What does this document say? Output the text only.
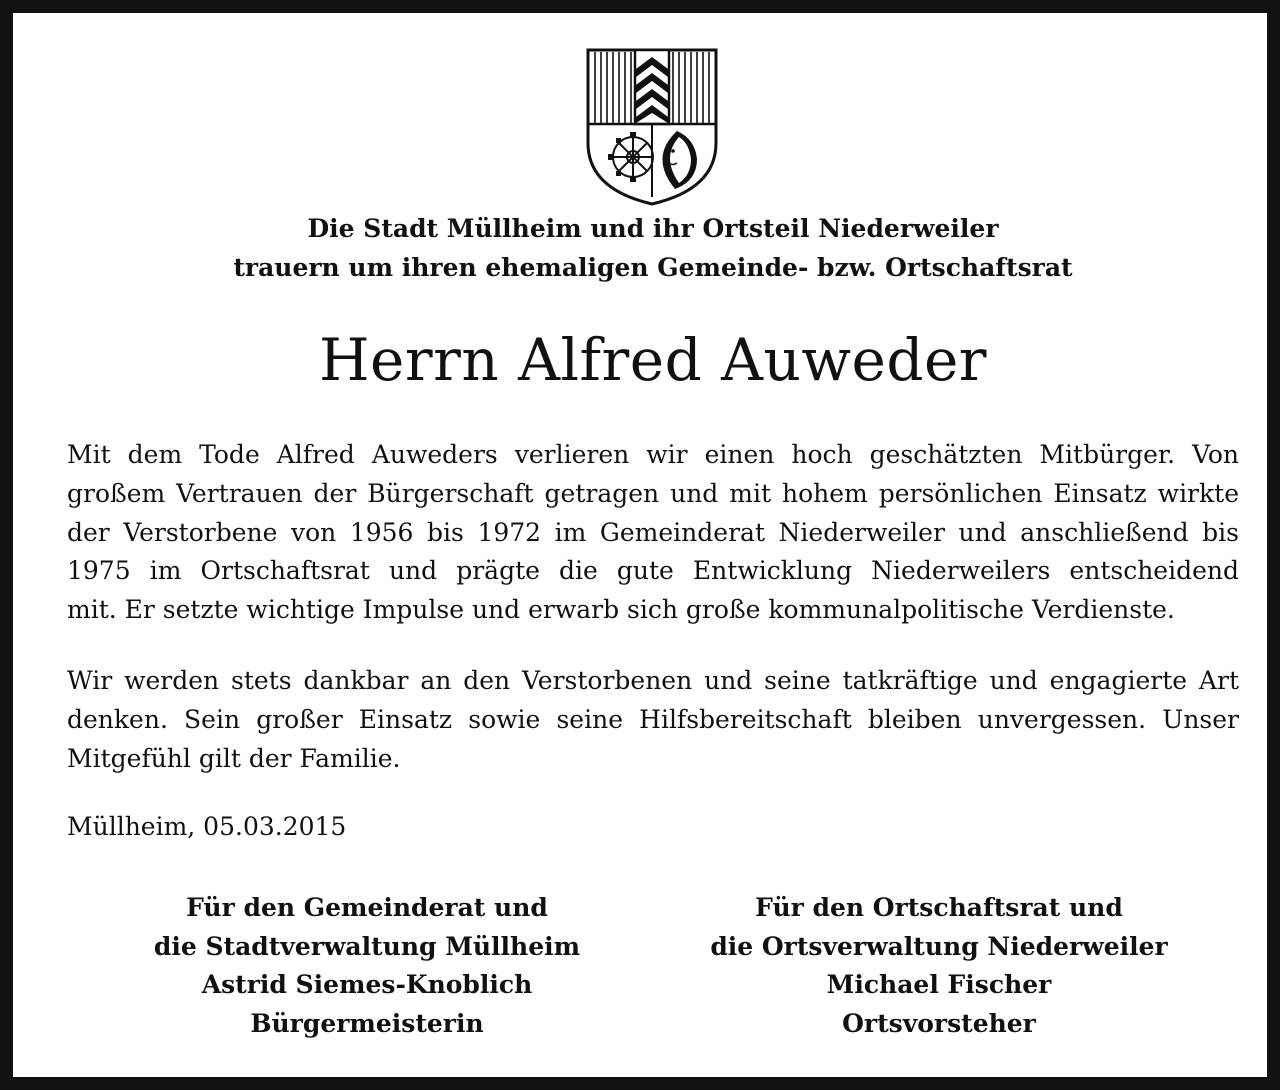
Die Stadt Müllheim und ihr Ortsteil Niederweiler
trauern um ihren ehemaligen Gemeinde- bzw. Ortschaftsrat
Herrn Alfred Auweder
Mit dem Tode Alfred Auweders verlieren wir einen hoch geschätzten Mitbürger. Von
großem Vertrauen der Bürgerschaft getragen und mit hohem persönlichen Einsatz wirkte
der Verstorbene von 1956 bis 1972 im Gemeinderat Niederweiler und anschließend bis
1975 im Ortschaftsrat und prägte die gute Entwicklung Niederweilers entscheidend
mit. Er setzte wichtige Impulse und erwarb sich große kommunalpolitische Verdienste.
Wir werden stets dankbar an den Verstorbenen und seine tatkräftige und engagierte Art
denken. Sein großer Einsatz sowie seine Hilfsbereitschaft bleiben unvergessen. Unser
Mitgefühl gilt der Familie.
Müllheim, 05.03.2015
Für den Gemeinderat und
die Stadtverwaltung Müllheim
Astrid Siemes-Knoblich
Bürgermeisterin
Für den Ortschaftsrat und
die Ortsverwaltung Niederweiler
Michael Fischer
Ortsvorsteher
